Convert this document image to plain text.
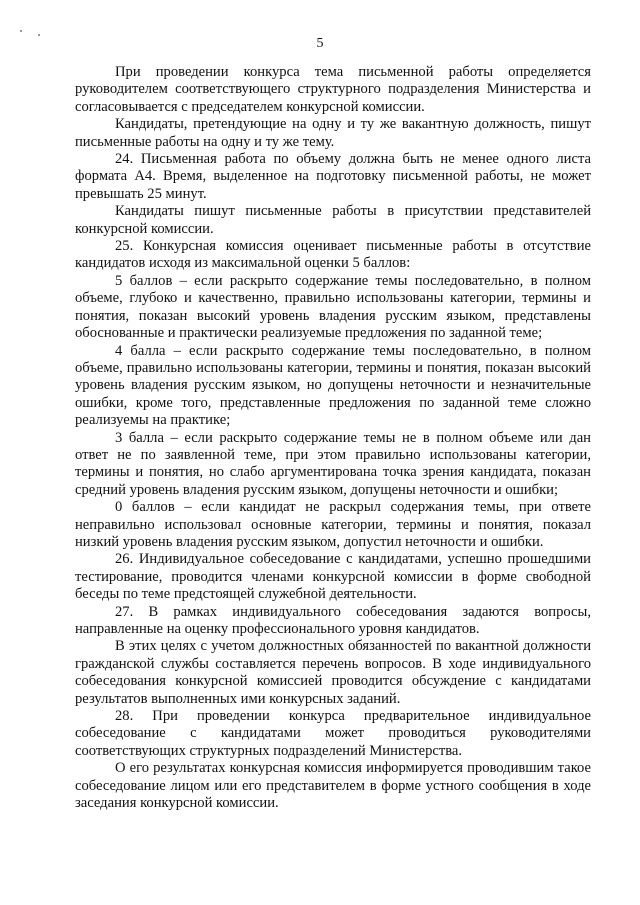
5

При проведении конкурса тема письменной работы определяется руководителем соответствующего структурного подразделения Министерства и согласовывается с председателем конкурсной комиссии.

Кандидаты, претендующие на одну и ту же вакантную должность, пишут письменные работы на одну и ту же тему.

24. Письменная работа по объему должна быть не менее одного листа формата А4. Время, выделенное на подготовку письменной работы, не может превышать 25 минут.

Кандидаты пишут письменные работы в присутствии представителей конкурсной комиссии.

25. Конкурсная комиссия оценивает письменные работы в отсутствие кандидатов исходя из максимальной оценки 5 баллов:

5 баллов – если раскрыто содержание темы последовательно, в полном объеме, глубоко и качественно, правильно использованы категории, термины и понятия, показан высокий уровень владения русским языком, представлены обоснованные и практически реализуемые предложения по заданной теме;

4 балла – если раскрыто содержание темы последовательно, в полном объеме, правильно использованы категории, термины и понятия, показан высокий уровень владения русским языком, но допущены неточности и незначительные ошибки, кроме того, представленные предложения по заданной теме сложно реализуемы на практике;

3 балла – если раскрыто содержание темы не в полном объеме или дан ответ не по заявленной теме, при этом правильно использованы категории, термины и понятия, но слабо аргументирована точка зрения кандидата, показан средний уровень владения русским языком, допущены неточности и ошибки;

0 баллов – если кандидат не раскрыл содержания темы, при ответе неправильно использовал основные категории, термины и понятия, показал низкий уровень владения русским языком, допустил неточности и ошибки.

26. Индивидуальное собеседование с кандидатами, успешно прошедшими тестирование, проводится членами конкурсной комиссии в форме свободной беседы по теме предстоящей служебной деятельности.

27. В рамках индивидуального собеседования задаются вопросы, направленные на оценку профессионального уровня кандидатов.

В этих целях с учетом должностных обязанностей по вакантной должности гражданской службы составляется перечень вопросов. В ходе индивидуального собеседования конкурсной комиссией проводится обсуждение с кандидатами результатов выполненных ими конкурсных заданий.

28. При проведении конкурса предварительное индивидуальное собеседование с кандидатами может проводиться руководителями соответствующих структурных подразделений Министерства.

О его результатах конкурсная комиссия информируется проводившим такое собеседование лицом или его представителем в форме устного сообщения в ходе заседания конкурсной комиссии.
